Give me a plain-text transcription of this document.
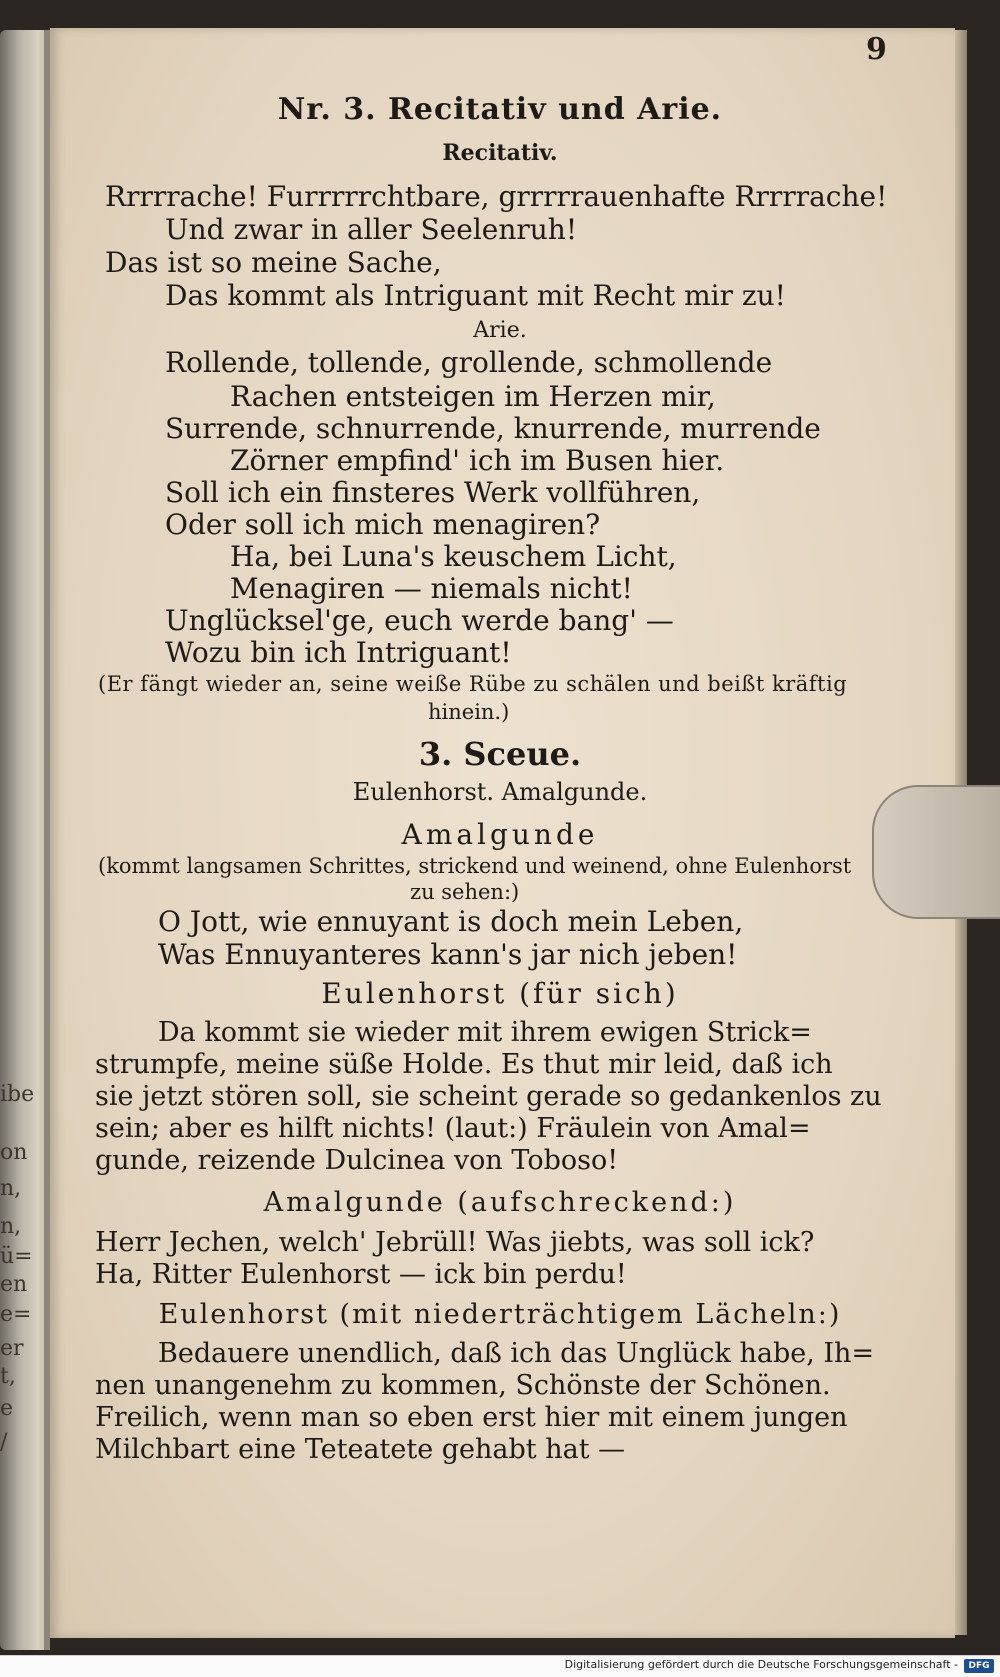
ibe
on
n,
n,
ü=
en
e=
er
t,
e
/
9
Nr. 3. Recitativ und Arie.
Recitativ.
Rrrrrache! Furrrrrchtbare, grrrrrauenhafte Rrrrrache!
Und zwar in aller Seelenruh!
Das ist so meine Sache,
Das kommt als Intriguant mit Recht mir zu!
Arie.
Rollende, tollende, grollende, schmollende
Rachen entsteigen im Herzen mir,
Surrende, schnurrende, knurrende, murrende
Zörner empfind' ich im Busen hier.
Soll ich ein finsteres Werk vollführen,
Oder soll ich mich menagiren?
Ha, bei Luna's keuschem Licht,
Menagiren — niemals nicht!
Unglücksel'ge, euch werde bang' —
Wozu bin ich Intriguant!
(Er fängt wieder an, seine weiße Rübe zu schälen und beißt kräftig
hinein.)
3. Sceue.
Eulenhorst. Amalgunde.
Amalgunde
(kommt langsamen Schrittes, strickend und weinend, ohne Eulenhorst
zu sehen:)
O Jott, wie ennuyant is doch mein Leben,
Was Ennuyanteres kann's jar nich jeben!
Eulenhorst (für sich)
Da kommt sie wieder mit ihrem ewigen Strick=
strumpfe, meine süße Holde. Es thut mir leid, daß ich
sie jetzt stören soll, sie scheint gerade so gedankenlos zu
sein; aber es hilft nichts! (laut:) Fräulein von Amal=
gunde, reizende Dulcinea von Toboso!
Amalgunde (aufschreckend:)
Herr Jechen, welch' Jebrüll! Was jiebts, was soll ick?
Ha, Ritter Eulenhorst — ick bin perdu!
Eulenhorst (mit niederträchtigem Lächeln:)
Bedauere unendlich, daß ich das Unglück habe, Ih=
nen unangenehm zu kommen, Schönste der Schönen.
Freilich, wenn man so eben erst hier mit einem jungen
Milchbart eine Teteatete gehabt hat —
Digitalisierung gefördert durch die Deutsche Forschungsgemeinschaft -	DFG
